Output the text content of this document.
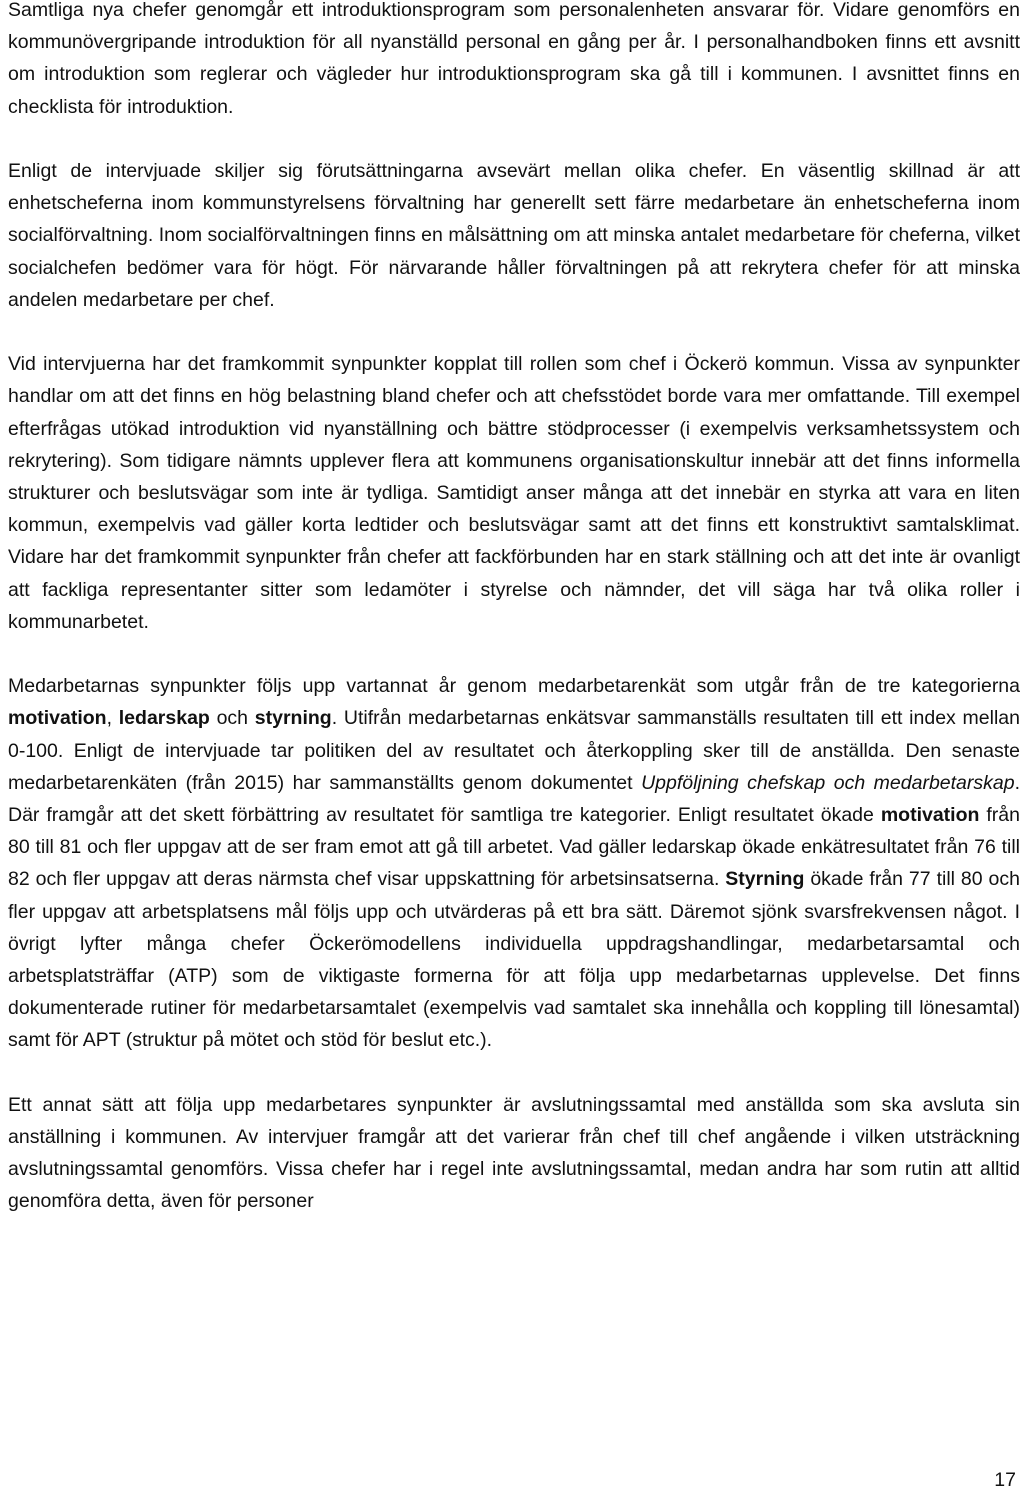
Samtliga nya chefer genomgår ett introduktionsprogram som personalenheten ansvarar för. Vidare genomförs en kommunövergripande introduktion för all nyanställd personal en gång per år. I personalhandboken finns ett avsnitt om introduktion som reglerar och vägleder hur introduktionsprogram ska gå till i kommunen. I avsnittet finns en checklista för introduktion.

Enligt de intervjuade skiljer sig förutsättningarna avsevärt mellan olika chefer. En väsentlig skillnad är att enhetscheferna inom kommunstyrelsens förvaltning har generellt sett färre medarbetare än enhetscheferna inom socialförvaltning. Inom socialförvaltningen finns en målsättning om att minska antalet medarbetare för cheferna, vilket socialchefen bedömer vara för högt. För närvarande håller förvaltningen på att rekrytera chefer för att minska andelen medarbetare per chef.

Vid intervjuerna har det framkommit synpunkter kopplat till rollen som chef i Öckerö kommun. Vissa av synpunkter handlar om att det finns en hög belastning bland chefer och att chefsstödet borde vara mer omfattande. Till exempel efterfrågas utökad introduktion vid nyanställning och bättre stödprocesser (i exempelvis verksamhetssystem och rekrytering). Som tidigare nämnts upplever flera att kommunens organisationskultur innebär att det finns informella strukturer och beslutsvägar som inte är tydliga. Samtidigt anser många att det innebär en styrka att vara en liten kommun, exempelvis vad gäller korta ledtider och beslutsvägar samt att det finns ett konstruktivt samtalsklimat. Vidare har det framkommit synpunkter från chefer att fackförbunden har en stark ställning och att det inte är ovanligt att fackliga representanter sitter som ledamöter i styrelse och nämnder, det vill säga har två olika roller i kommunarbetet.

Medarbetarnas synpunkter följs upp vartannat år genom medarbetarenkät som utgår från de tre kategorierna motivation, ledarskap och styrning. Utifrån medarbetarnas enkätsvar sammanställs resultaten till ett index mellan 0-100. Enligt de intervjuade tar politiken del av resultatet och återkoppling sker till de anställda. Den senaste medarbetarenkäten (från 2015) har sammanställts genom dokumentet Uppföljning chefskap och medarbetarskap. Där framgår att det skett förbättring av resultatet för samtliga tre kategorier. Enligt resultatet ökade motivation från 80 till 81 och fler uppgav att de ser fram emot att gå till arbetet. Vad gäller ledarskap ökade enkätresultatet från 76 till 82 och fler uppgav att deras närmsta chef visar uppskattning för arbetsinsatserna. Styrning ökade från 77 till 80 och fler uppgav att arbetsplatsens mål följs upp och utvärderas på ett bra sätt. Däremot sjönk svarsfrekvensen något. I övrigt lyfter många chefer Öckerömodellens individuella uppdragshandlingar, medarbetarsamtal och arbetsplatsträffar (ATP) som de viktigaste formerna för att följa upp medarbetarnas upplevelse. Det finns dokumenterade rutiner för medarbetarsamtalet (exempelvis vad samtalet ska innehålla och koppling till lönesamtal) samt för APT (struktur på mötet och stöd för beslut etc.).

Ett annat sätt att följa upp medarbetares synpunkter är avslutningssamtal med anställda som ska avsluta sin anställning i kommunen. Av intervjuer framgår att det varierar från chef till chef angående i vilken utsträckning avslutningssamtal genomförs. Vissa chefer har i regel inte avslutningssamtal, medan andra har som rutin att alltid genomföra detta, även för personer

17
